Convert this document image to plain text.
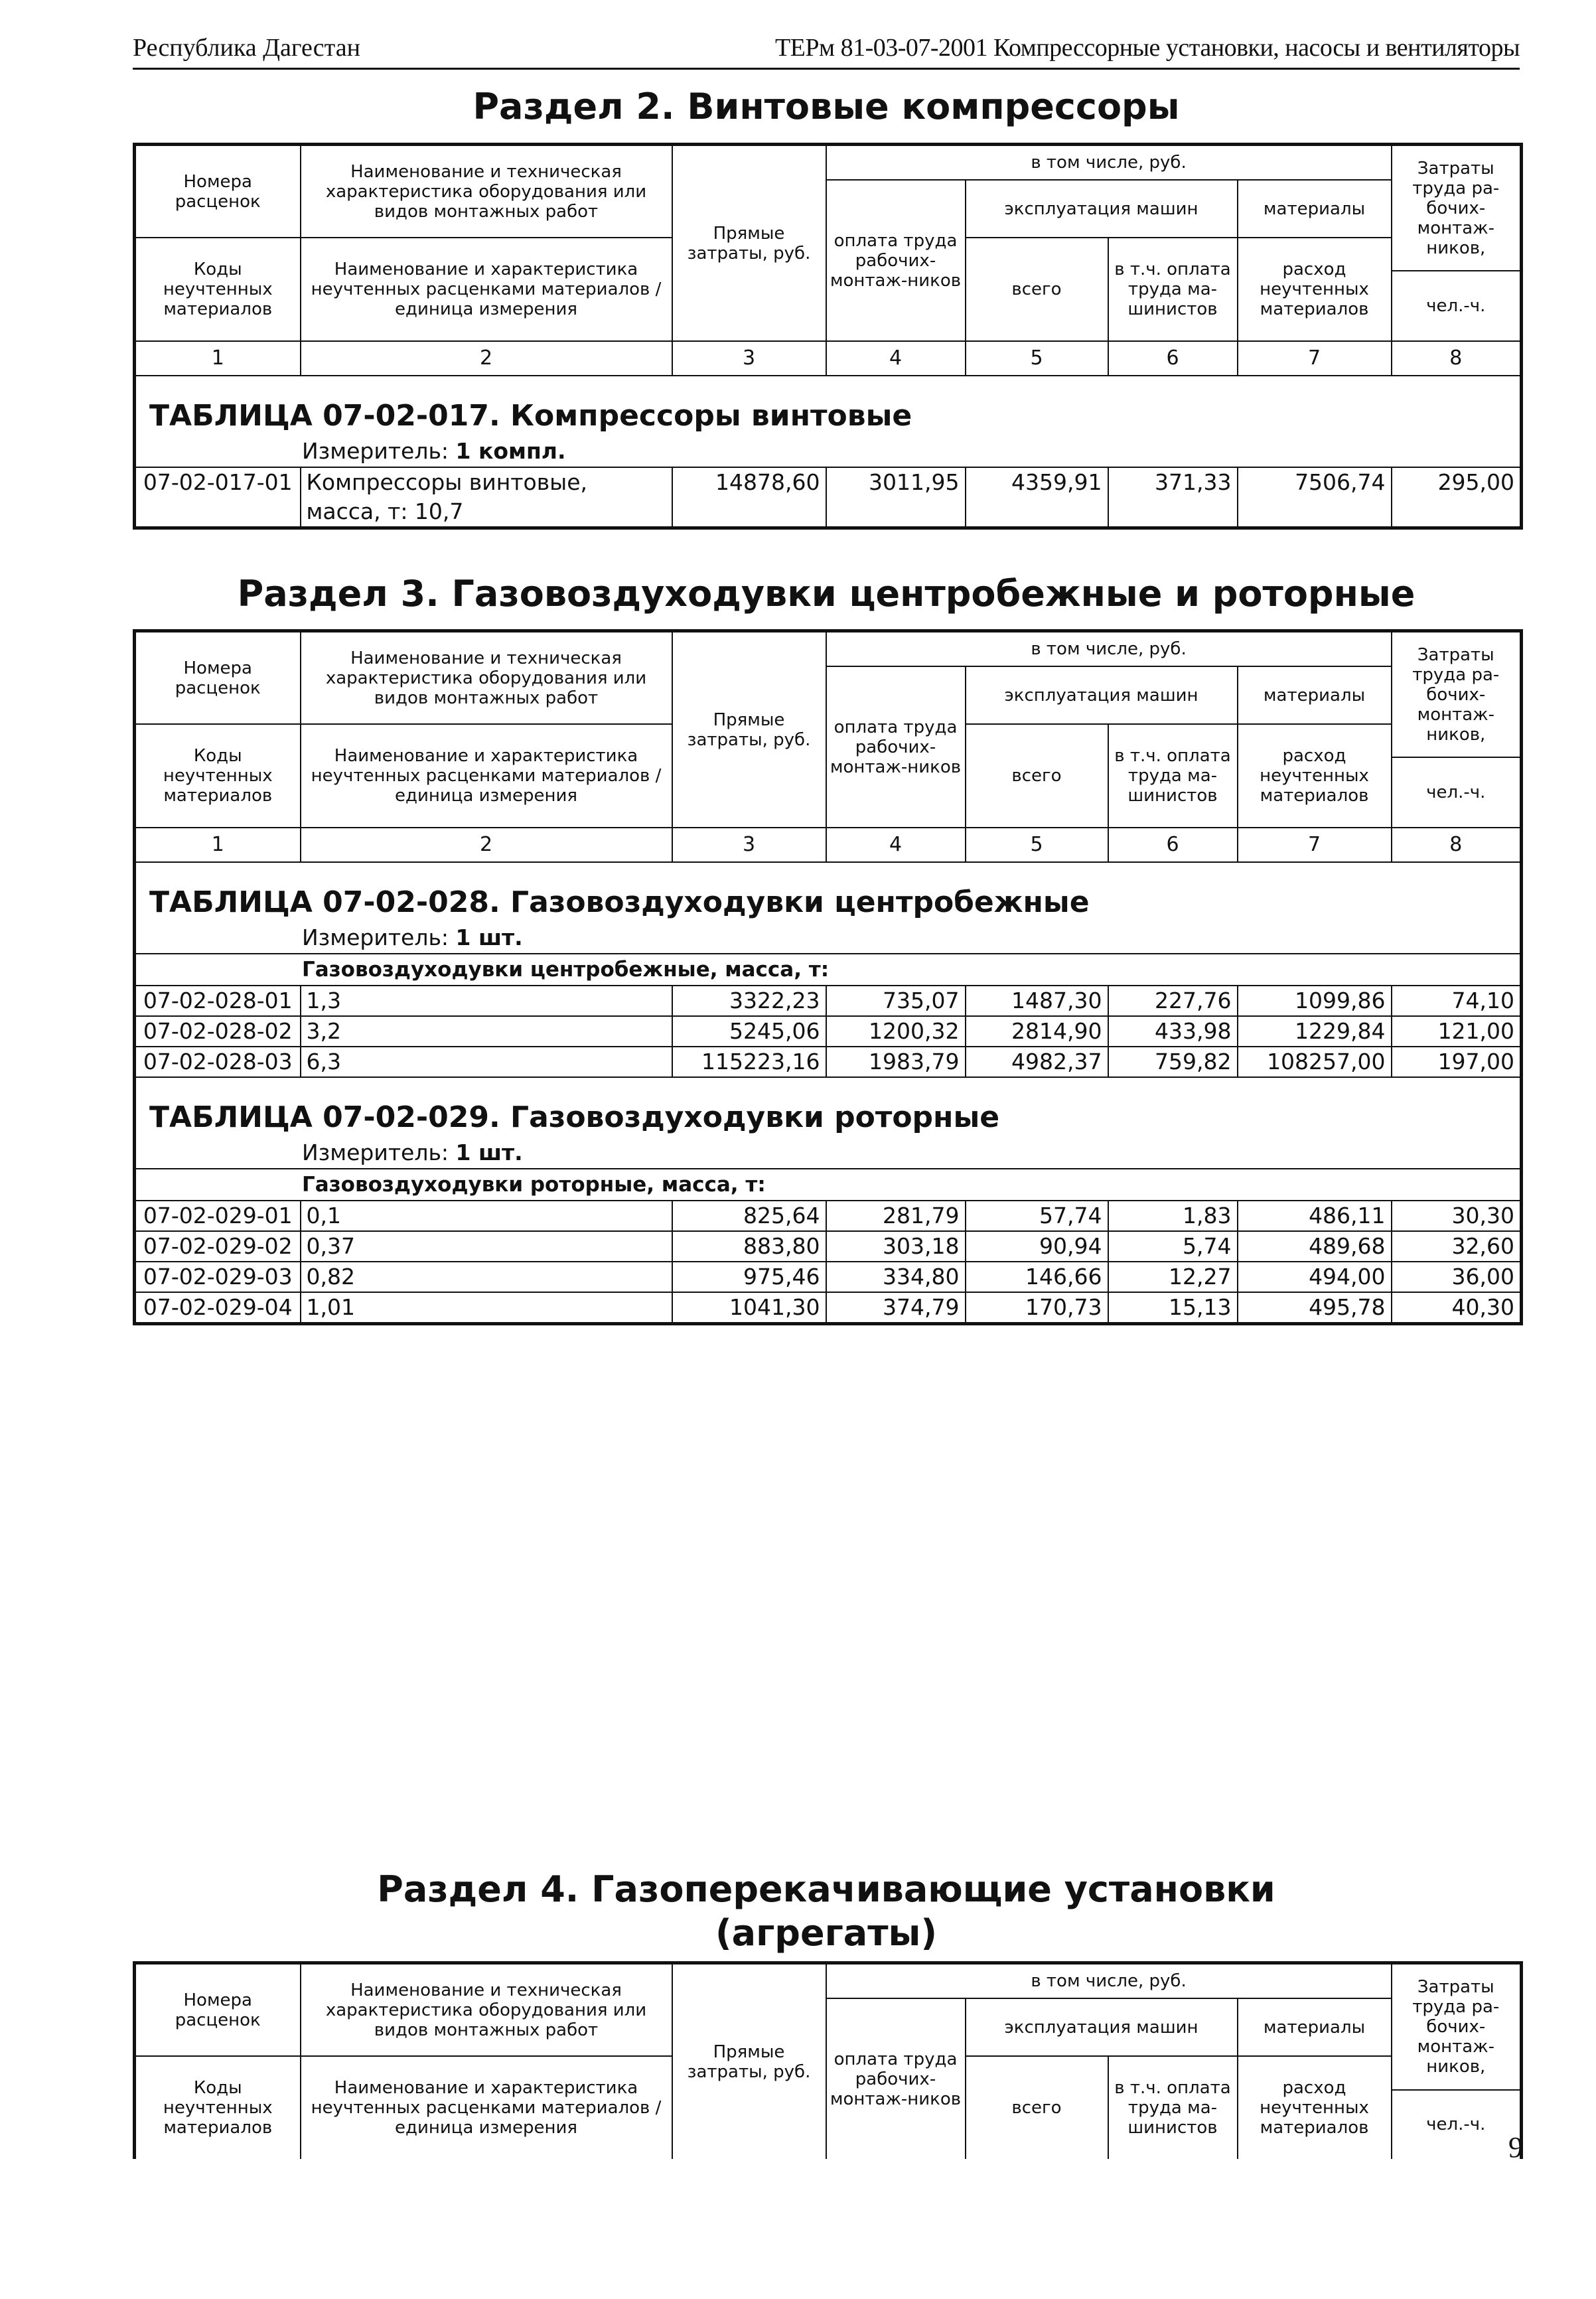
Республика Дагестан	ТЕРм 81-03-07-2001 Компрессорные установки, насосы и вентиляторы
Раздел 2. Винтовые компрессоры
Номера расценок	Наименование и техническая характеристика оборудования или видов монтажных работ	Прямые затраты, руб.	в том числе, руб.				Затраты труда ра-бочих-монтаж-ников,
			оплата труда рабочих-монтаж-ников	эксплуатация машин		материалы	
Коды неучтенных материалов	Наименование и характеристика неучтенных расценками материалов / единица измерения			всего	в т.ч. оплата труда ма-шинистов	расход неучтенных материалов	
							чел.-ч.
1	2	3	4	5	6	7	8
ТАБЛИЦА 07-02-017. Компрессоры винтовые							
Измеритель: 1 компл.							
07-02-017-01	Компрессоры винтовые, масса, т: 10,7	14878,60	3011,95	4359,91	371,33	7506,74	295,00
Раздел 3. Газовоздуходувки центробежные и роторные
Номера расценок	Наименование и техническая характеристика оборудования или видов монтажных работ	Прямые затраты, руб.	в том числе, руб.				Затраты труда ра-бочих-монтаж-ников,
			оплата труда рабочих-монтаж-ников	эксплуатация машин		материалы	
Коды неучтенных материалов	Наименование и характеристика неучтенных расценками материалов / единица измерения			всего	в т.ч. оплата труда ма-шинистов	расход неучтенных материалов	
							чел.-ч.
1	2	3	4	5	6	7	8
ТАБЛИЦА 07-02-028. Газовоздуходувки центробежные							
Измеритель: 1 шт.							
Газовоздуходувки центробежные, масса, т:							
07-02-028-01	1,3	3322,23	735,07	1487,30	227,76	1099,86	74,10
07-02-028-02	3,2	5245,06	1200,32	2814,90	433,98	1229,84	121,00
07-02-028-03	6,3	115223,16	1983,79	4982,37	759,82	108257,00	197,00
ТАБЛИЦА 07-02-029. Газовоздуходувки роторные							
Измеритель: 1 шт.							
Газовоздуходувки роторные, масса, т:							
07-02-029-01	0,1	825,64	281,79	57,74	1,83	486,11	30,30
07-02-029-02	0,37	883,80	303,18	90,94	5,74	489,68	32,60
07-02-029-03	0,82	975,46	334,80	146,66	12,27	494,00	36,00
07-02-029-04	1,01	1041,30	374,79	170,73	15,13	495,78	40,30
Раздел 4. Газоперекачивающие установки
(агрегаты)
Номера расценок	Наименование и техническая характеристика оборудования или видов монтажных работ	Прямые затраты, руб.	в том числе, руб.				Затраты труда ра-бочих-монтаж-ников,
			оплата труда рабочих-монтаж-ников	эксплуатация машин		материалы	
Коды неучтенных материалов	Наименование и характеристика неучтенных расценками материалов / единица измерения			всего	в т.ч. оплата труда ма-шинистов	расход неучтенных материалов	
							чел.-ч.
9
